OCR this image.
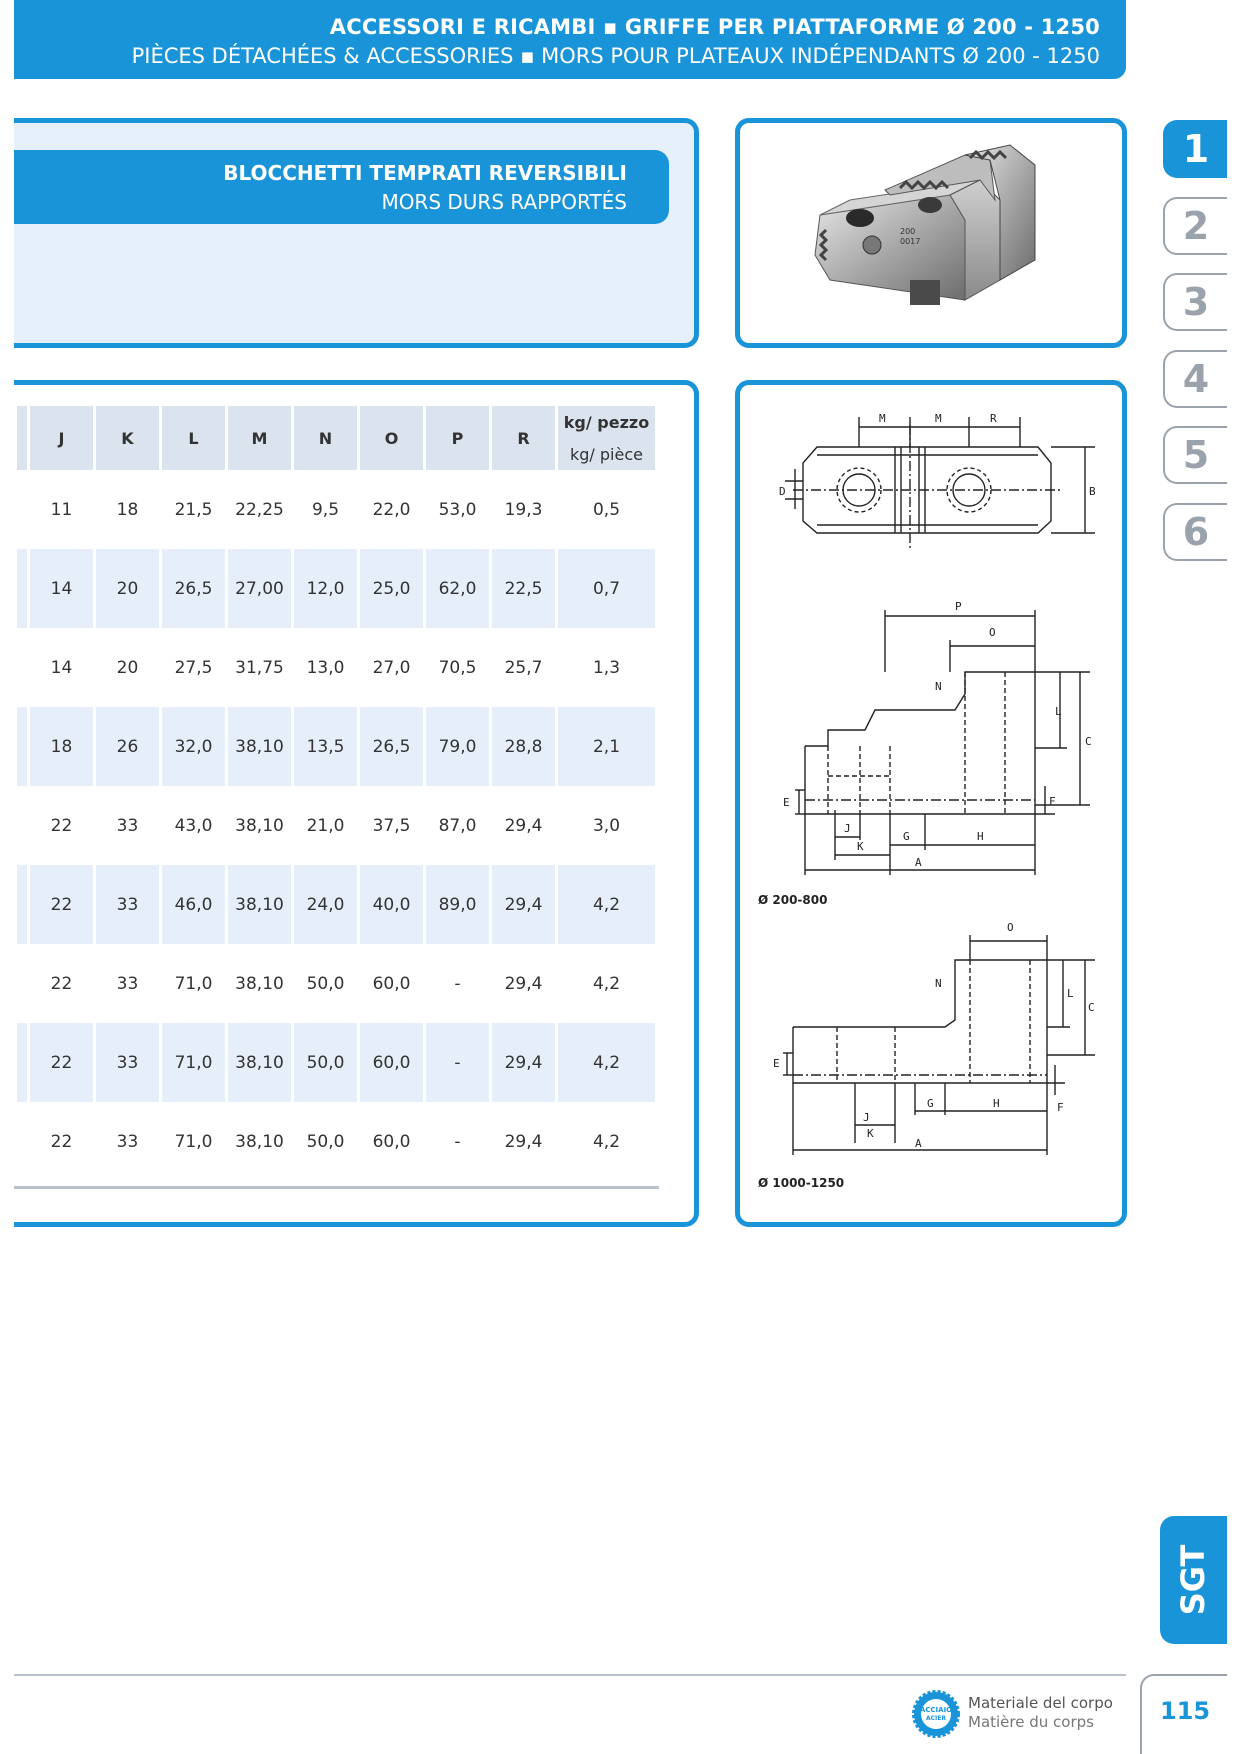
ACCESSORI E RICAMBI ▪ GRIFFE PER PIATTAFORME Ø 200 - 1250
PIÈCES DÉTACHÉES & ACCESSORIES ▪ MORS POUR PLATEAUX INDÉPENDANTS Ø 200 - 1250
BLOCCHETTI TEMPRATI REVERSIBILI
MORS DURS RAPPORTÉS
	J	K	L	M	N	O	P	R	kg/ pezzo
									kg/ pièce
	11	18	21,5	22,25	9,5	22,0	53,0	19,3	0,5
	14	20	26,5	27,00	12,0	25,0	62,0	22,5	0,7
	14	20	27,5	31,75	13,0	27,0	70,5	25,7	1,3
	18	26	32,0	38,10	13,5	26,5	79,0	28,8	2,1
	22	33	43,0	38,10	21,0	37,5	87,0	29,4	3,0
	22	33	46,0	38,10	24,0	40,0	89,0	29,4	4,2
	22	33	71,0	38,10	50,0	60,0	-	29,4	4,2
	22	33	71,0	38,10	50,0	60,0	-	29,4	4,2
	22	33	71,0	38,10	50,0	60,0	-	29,4	4,2
200
0017
M	M	R
D	B
P
O
N
L
C
E	F
J
K
G	H
A
Ø 200-800
O
N
L
C
E
F
J
K
G	H
A
Ø 1000-1250
1
2
3
4
5
6
SGT
ACCIAIO
ACIER
Materiale del corpo
Matière du corps	115
